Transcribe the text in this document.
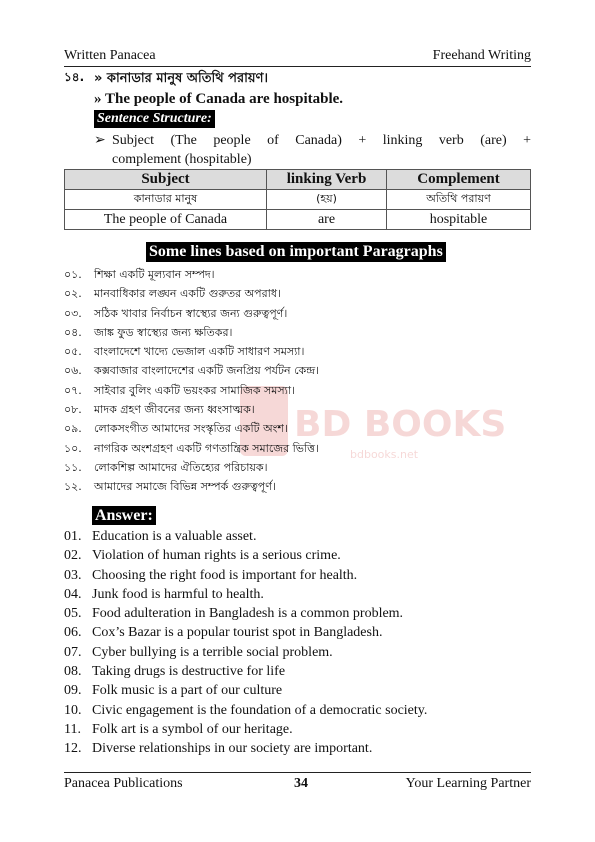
Written Panacea	Freehand Writing
১৪. » কানাডার মানুষ অতিথি পরায়ণ।
» The people of Canada are hospitable.
Sentence Structure:
➢ Subject (The people of Canada) + linking verb (are) +
complement (hospitable)
Subject	linking Verb	Complement
কানাডার মানুষ	(হয়)	অতিথি পরায়ণ
The people of Canada	are	hospitable
Some lines based on important Paragraphs
BD BOOKS
bdbooks.net
০১. শিক্ষা একটি মূল্যবান সম্পদ।
০২. মানবাধিকার লঙ্ঘন একটি গুরুতর অপরাধ।
০৩. সঠিক খাবার নির্বাচন স্বাস্থ্যের জন্য গুরুত্বপূর্ণ।
০৪. জাঙ্ক ফুড স্বাস্থ্যের জন্য ক্ষতিকর।
০৫. বাংলাদেশে খাদ্যে ভেজাল একটি সাধারণ সমস্যা।
০৬. কক্সবাজার বাংলাদেশের একটি জনপ্রিয় পর্যটন কেন্দ্র।
০৭. সাইবার বুলিং একটি ভয়ংকর সামাজিক সমস্যা।
০৮. মাদক গ্রহণ জীবনের জন্য ধ্বংসাত্মক।
০৯. লোকসংগীত আমাদের সংস্কৃতির একটি অংশ।
১০. নাগরিক অংশগ্রহণ একটি গণতান্ত্রিক সমাজের ভিত্তি।
১১. লোকশিল্প আমাদের ঐতিহ্যের পরিচায়ক।
১২. আমাদের সমাজে বিভিন্ন সম্পর্ক গুরুত্বপূর্ণ।
Answer:
01. Education is a valuable asset.
02. Violation of human rights is a serious crime.
03. Choosing the right food is important for health.
04. Junk food is harmful to health.
05. Food adulteration in Bangladesh is a common problem.
06. Cox’s Bazar is a popular tourist spot in Bangladesh.
07. Cyber bullying is a terrible social problem.
08. Taking drugs is destructive for life
09. Folk music is a part of our culture
10. Civic engagement is the foundation of a democratic society.
11. Folk art is a symbol of our heritage.
12. Diverse relationships in our society are important.
Panacea Publications	34	Your Learning Partner
